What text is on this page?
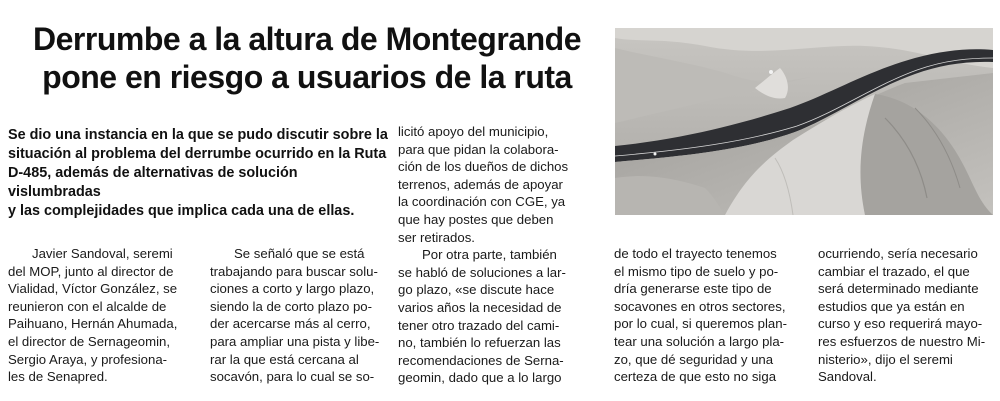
Derrumbe a la altura de Montegrande
pone en riesgo a usuarios de la ruta
Se dio una instancia en la que se pudo discutir sobre la
situación al problema del derrumbe ocurrido en la Ruta
D-485, además de alternativas de solución vislumbradas
y las complejidades que implica cada una de ellas.

Javier Sandoval, seremi

del MOP, junto al director de

Vialidad, Víctor González, se

reunieron con el alcalde de

Paihuano, Hernán Ahumada,

el director de Sernageomin,

Sergio Araya, y profesiona-

les de Senapred.

Se señaló que se está

trabajando para buscar solu-

ciones a corto y largo plazo,

siendo la de corto plazo po-

der acercarse más al cerro,

para ampliar una pista y libe-

rar la que está cercana al

socavón, para lo cual se so-

licitó apoyo del municipio,

para que pidan la colabora-

ción de los dueños de dichos

terrenos, además de apoyar

la coordinación con CGE, ya

que hay postes que deben

ser retirados.

Por otra parte, también

se habló de soluciones a lar-

go plazo, «se discute hace

varios años la necesidad de

tener otro trazado del cami-

no, también lo refuerzan las

recomendaciones de Serna-

geomin, dado que a lo largo

de todo el trayecto tenemos

el mismo tipo de suelo y po-

dría generarse este tipo de

socavones en otros sectores,

por lo cual, si queremos plan-

tear una solución a largo pla-

zo, que dé seguridad y una

certeza de que esto no siga

ocurriendo, sería necesario

cambiar el trazado, el que

será determinado mediante

estudios que ya están en

curso y eso requerirá mayo-

res esfuerzos de nuestro Mi-

nisterio», dijo el seremi

Sandoval.
